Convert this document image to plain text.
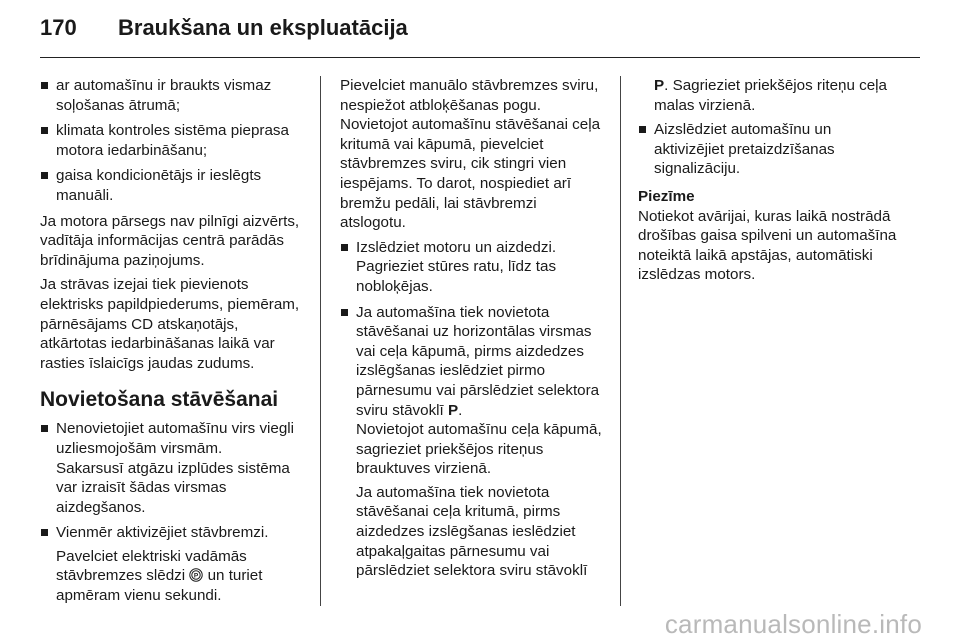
170 Braukšana un ekspluatācija
ar automašīnu ir braukts vismaz soļošanas ātrumā;
klimata kontroles sistēma pieprasa motora iedarbināšanu;
gaisa kondicionētājs ir ieslēgts manuāli.

Ja motora pārsegs nav pilnīgi aizvērts, vadītāja informācijas centrā parādās brīdinājuma paziņojums.

Ja strāvas izejai tiek pievienots elektrisks papildpiederums, piemēram, pārnēsājams CD atskaņotājs, atkārtotas iedarbināšanas laikā var rasties īslaicīgs jaudas zudums.

Novietošana stāvēšanai
Nenovietojiet automašīnu virs viegli uzliesmojošām virsmām.
Sakarsusī atgāzu izplūdes sistēma var izraisīt šādas virsmas aizdegšanos.
Vienmēr aktivizējiet stāvbremzi.
Pavelciet elektriski vadāmās stāvbremzes slēdzi P un turiet apmēram vienu sekundi.

Pievelciet manuālo stāvbremzes sviru, nespiežot atbloķēšanas pogu. Novietojot automašīnu stāvēšanai ceļa kritumā vai kāpumā, pievelciet stāvbremzes sviru, cik stingri vien iespējams. To darot, nospiediet arī bremžu pedāli, lai stāvbremzi atslogotu.

Izslēdziet motoru un aizdedzi. Pagrieziet stūres ratu, līdz tas nobloķējas.
Ja automašīna tiek novietota stāvēšanai uz horizontālas virsmas vai ceļa kāpumā, pirms aizdedzes izslēgšanas ieslēdziet pirmo pārnesumu vai pārslēdziet selektora sviru stāvoklī P.
Novietojot automašīnu ceļa kāpumā, sagrieziet priekšējos riteņus brauktuves virzienā.
Ja automašīna tiek novietota stāvēšanai ceļa kritumā, pirms aizdedzes izslēgšanas ieslēdziet atpakaļgaitas pārnesumu vai pārslēdziet selektora sviru stāvoklī

P. Sagrieziet priekšējos riteņu ceļa malas virzienā.

Aizslēdziet automašīnu un aktivizējiet pretaizdzīšanas signalizāciju.
Piezīme

Notiekot avārijai, kuras laikā nostrādā drošības gaisa spilveni un automašīna noteiktā laikā apstājas, automātiski izslēdzas motors.

carmanualsonline.info
